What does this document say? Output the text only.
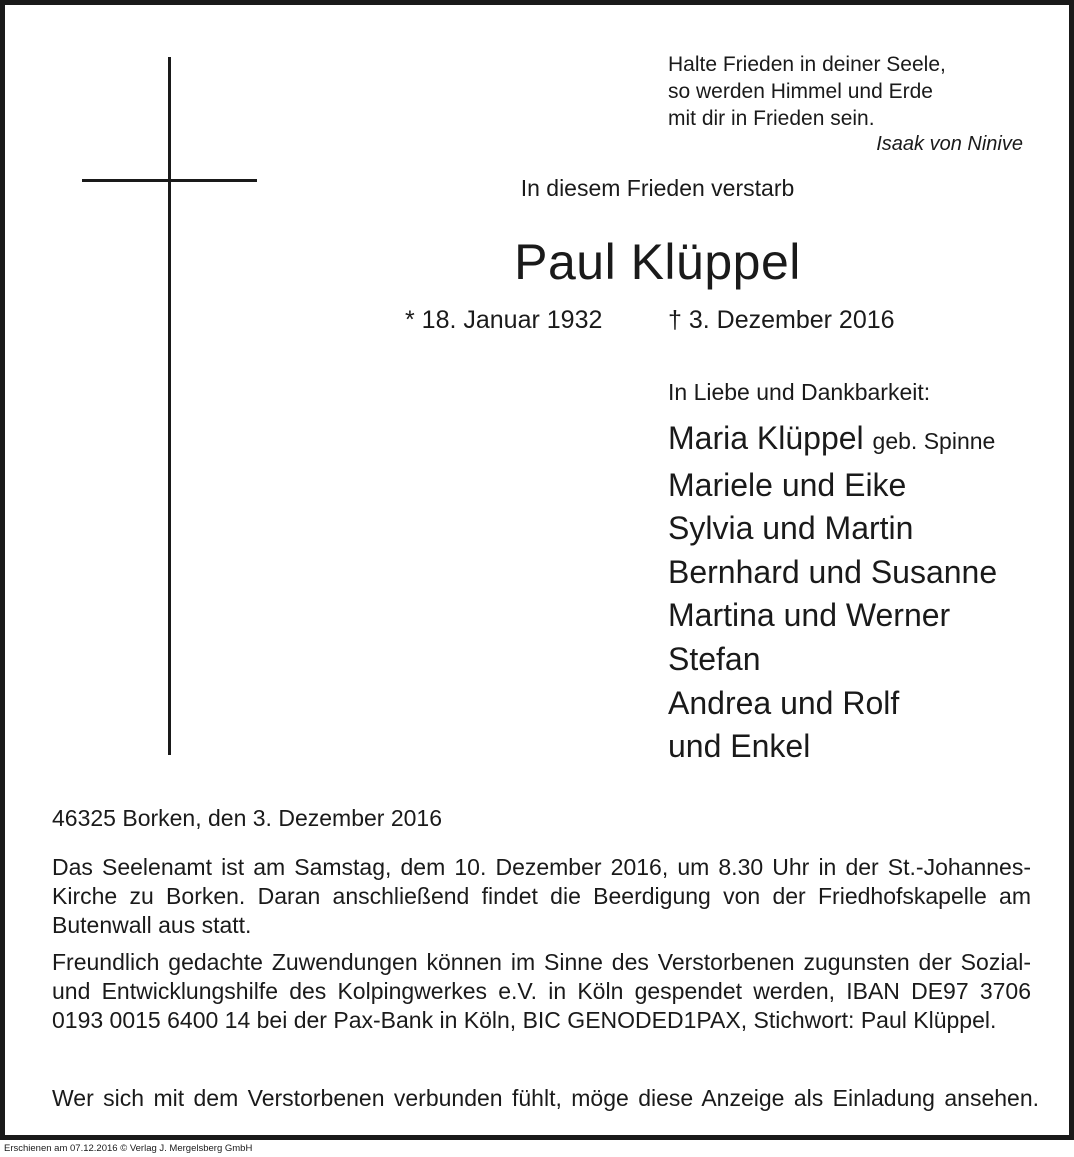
Halte Frieden in deiner Seele,
so werden Himmel und Erde
mit dir in Frieden sein.
Isaak von Ninive
In diesem Frieden verstarb
Paul Klüppel
* 18. Januar 1932	† 3. Dezember 2016
In Liebe und Dankbarkeit:
Maria Klüppel geb. Spinne
Mariele und Eike
Sylvia und Martin
Bernhard und Susanne
Martina und Werner
Stefan
Andrea und Rolf
und Enkel
46325 Borken, den 3. Dezember 2016

Das Seelenamt ist am Samstag, dem 10. Dezember 2016, um 8.30 Uhr in der St.-Johannes-Kirche zu Borken. Daran anschließend findet die Beerdigung von der Friedhofskapelle am Butenwall aus statt.

Freundlich gedachte Zuwendungen können im Sinne des Verstorbenen zugunsten der Sozial- und Entwicklungshilfe des Kolpingwerkes e.V. in Köln gespendet werden, IBAN DE97 3706 0193 0015 6400 14 bei der Pax-Bank in Köln, BIC GENODED1PAX, Stichwort: Paul Klüppel.

Wer sich mit dem Verstorbenen verbunden fühlt, möge diese Anzeige als Einladung ansehen.
Erschienen am 07.12.2016 © Verlag J. Mergelsberg GmbH
